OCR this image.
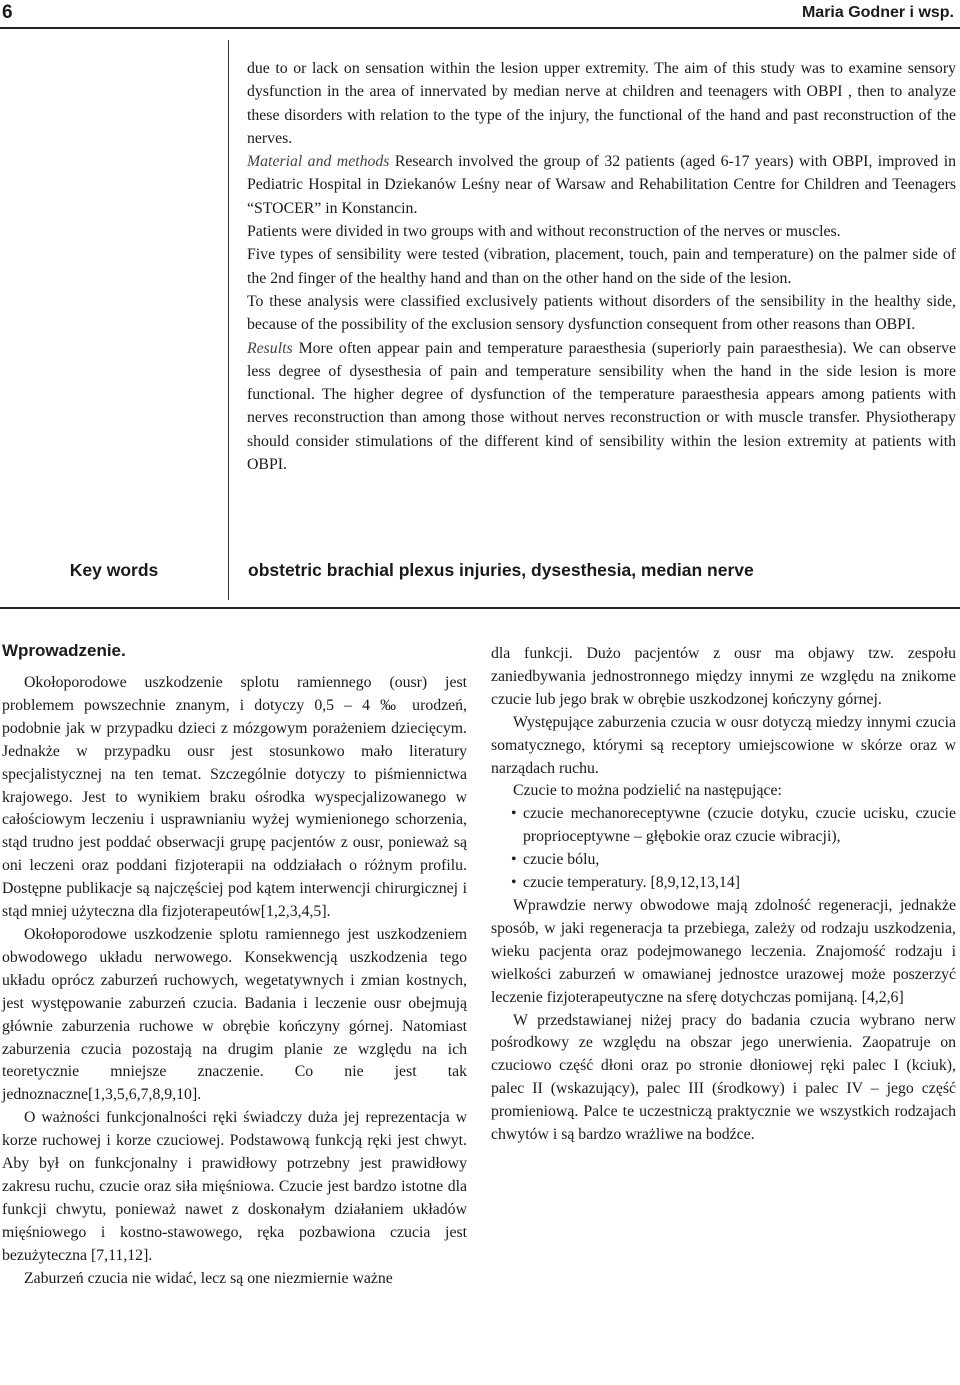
6	Maria Godner i wsp.

due to or lack on sensation within the lesion upper extremity. The aim of this study was to examine sensory dysfunction in the area of innervated by median nerve at children and teenagers with OBPI , then to analyze these disorders with relation to the type of the injury, the functional of the hand and past reconstruction of the nerves.

Material and methods Research involved the group of 32 patients (aged 6-17 years) with OBPI, improved in Pediatric Hospital in Dziekanów Leśny near of Warsaw and Rehabilitation Centre for Children and Teenagers “STOCER” in Konstancin.

Patients were divided in two groups with and without reconstruction of the nerves or muscles.

Five types of sensibility were tested (vibration, placement, touch, pain and temperature) on the palmer side of the 2nd finger of the healthy hand and than on the other hand on the side of the lesion.

To these analysis were classified exclusively patients without disorders of the sensibility in the healthy side, because of the possibility of the exclusion sensory dysfunction consequent from other reasons than OBPI.

Results More often appear pain and temperature paraesthesia (superiorly pain paraesthesia). We can observe less degree of dysesthesia of pain and temperature sensibility when the hand in the side lesion is more functional. The higher degree of dysfunction of the temperature paraesthesia appears among patients with nerves reconstruction than among those without nerves reconstruction or with muscle transfer. Physiotherapy should consider stimulations of the different kind of sensibility within the lesion extremity at patients with OBPI.

Key words	obstetric brachial plexus injuries, dysesthesia, median nerve
Wprowadzenie.

Okołoporodowe uszkodzenie splotu ramiennego (ousr) jest problemem powszechnie znanym, i dotyczy 0,5 – 4 ‰ urodzeń, podobnie jak w przypadku dzieci z mózgowym porażeniem dziecięcym. Jednakże w przypadku ousr jest stosunkowo mało literatury specjalistycznej na ten temat. Szczególnie dotyczy to piśmiennictwa krajowego. Jest to wynikiem braku ośrodka wyspecjalizowanego w całościowym leczeniu i usprawnianiu wyżej wymienionego schorzenia, stąd trudno jest poddać obserwacji grupę pacjentów z ousr, ponieważ są oni leczeni oraz poddani fizjoterapii na oddziałach o różnym profilu. Dostępne publikacje są najczęściej pod kątem interwencji chirurgicznej i stąd mniej użyteczna dla fizjoterapeutów[1,2,3,4,5].

Okołoporodowe uszkodzenie splotu ramiennego jest uszkodzeniem obwodowego układu nerwowego. Konsekwencją uszkodzenia tego układu oprócz zaburzeń ruchowych, wegetatywnych i zmian kostnych, jest występowanie zaburzeń czucia. Badania i leczenie ousr obejmują głównie zaburzenia ruchowe w obrębie kończyny górnej. Natomiast zaburzenia czucia pozostają na drugim planie ze względu na ich teoretycznie mniejsze znaczenie. Co nie jest tak jednoznaczne[1,3,5,6,7,8,9,10].

O ważności funkcjonalności ręki świadczy duża jej reprezentacja w korze ruchowej i korze czuciowej. Podstawową funkcją ręki jest chwyt. Aby był on funkcjonalny i prawidłowy potrzebny jest prawidłowy zakresu ruchu, czucie oraz siła mięśniowa. Czucie jest bardzo istotne dla funkcji chwytu, ponieważ nawet z doskonałym działaniem układów mięśniowego i kostno-stawowego, ręka pozbawiona czucia jest bezużyteczna [7,11,12].

Zaburzeń czucia nie widać, lecz są one niezmiernie ważne

dla funkcji. Dużo pacjentów z ousr ma objawy tzw. zespołu zaniedbywania jednostronnego między innymi ze względu na znikome czucie lub jego brak w obrębie uszkodzonej kończyny górnej.

Występujące zaburzenia czucia w ousr dotyczą miedzy innymi czucia somatycznego, którymi są receptory umiejscowione w skórze oraz w narządach ruchu.

Czucie to można podzielić na następujące:

• czucie mechanoreceptywne (czucie dotyku, czucie ucisku, czucie proprioceptywne – głębokie oraz czucie wibracji),
• czucie bólu,
• czucie temperatury. [8,9,12,13,14]

Wprawdzie nerwy obwodowe mają zdolność regeneracji, jednakże sposób, w jaki regeneracja ta przebiega, zależy od rodzaju uszkodzenia, wieku pacjenta oraz podejmowanego leczenia. Znajomość rodzaju i wielkości zaburzeń w omawianej jednostce urazowej może poszerzyć leczenie fizjoterapeutyczne na sferę dotychczas pomijaną. [4,2,6]

W przedstawianej niżej pracy do badania czucia wybrano nerw pośrodkowy ze względu na obszar jego unerwienia. Zaopatruje on czuciowo część dłoni oraz po stronie dłoniowej ręki palec I (kciuk), palec II (wskazujący), palec III (środkowy) i palec IV – jego część promieniową. Palce te uczestniczą praktycznie we wszystkich rodzajach chwytów i są bardzo wrażliwe na bodźce.
